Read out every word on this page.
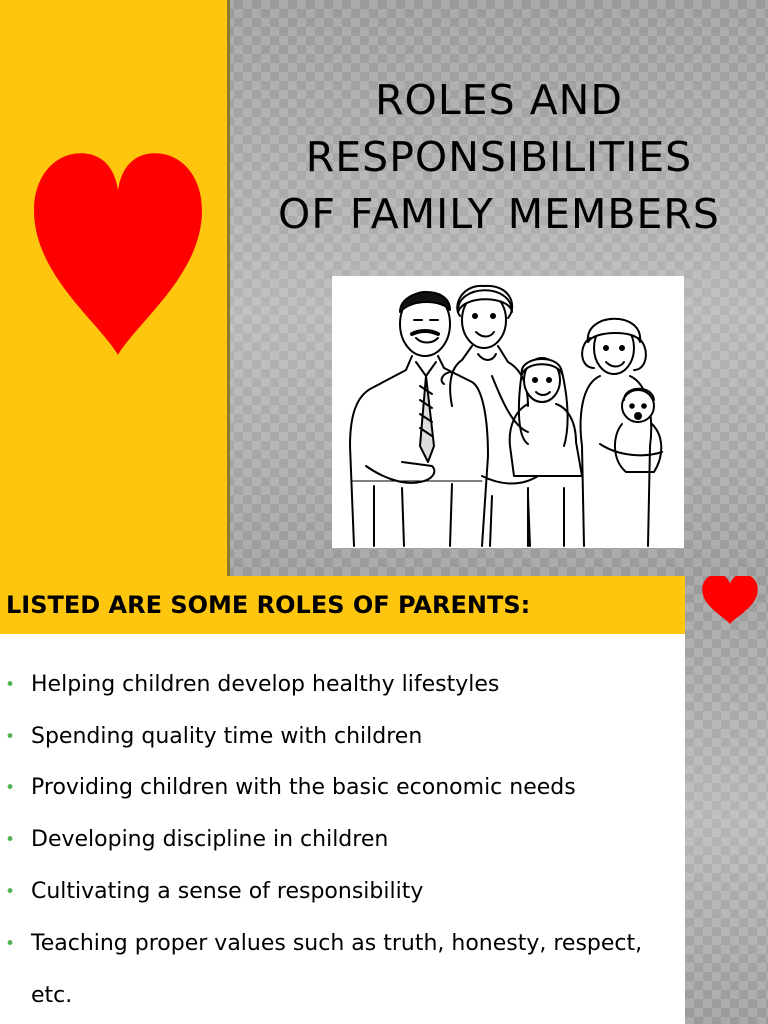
ROLES AND
RESPONSIBILITIES
OF FAMILY MEMBERS
LISTED ARE SOME ROLES OF PARENTS:
• Helping children develop healthy lifestyles
• Spending quality time with children
• Providing children with the basic economic needs
• Developing discipline in children
• Cultivating a sense of responsibility
• Teaching proper values such as truth, honesty, respect, etc.
